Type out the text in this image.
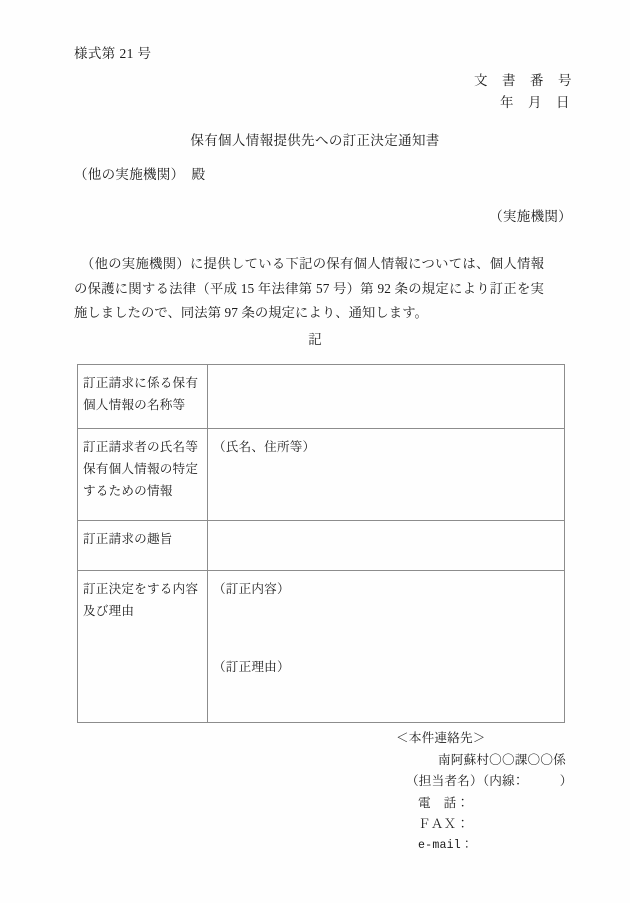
様式第 21 号
文　書　番　号
年　月　日
保有個人情報提供先への訂正決定通知書
（他の実施機関）　殿
（実施機関）
　（他の実施機関）に提供している下記の保有個人情報については、個人情報の保護に関する法律（平成 15 年法律第 57 号）第 92 条の規定により訂正を実施しましたので、同法第 97 条の規定により、通知します。
記
訂正請求に係る保有個人情報の名称等	
訂正請求者の氏名等保有個人情報の特定するための情報	（氏名、住所等）
訂正請求の趣旨	
訂正決定をする内容及び理由	（訂正内容）
（訂正理由）
＜本件連絡先＞
南阿蘇村〇〇課〇〇係
（担当者名）（内線：　　　）
電　話：
ＦＡＸ：
e-mail：
